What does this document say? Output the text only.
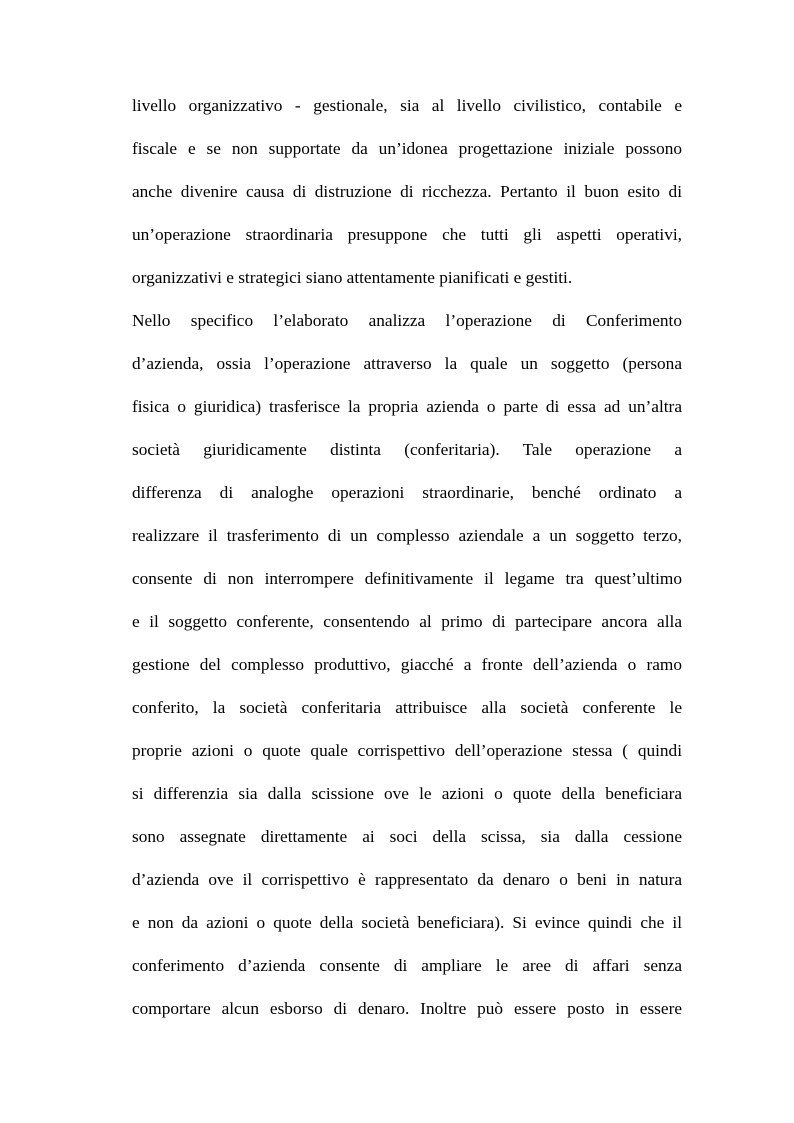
livello organizzativo - gestionale, sia al livello civilistico, contabile e
fiscale e se non supportate da un’idonea progettazione iniziale possono
anche divenire causa di distruzione di ricchezza. Pertanto il buon esito di
un’operazione straordinaria presuppone che tutti gli aspetti operativi,
organizzativi e strategici siano attentamente pianificati e gestiti.
Nello specifico l’elaborato analizza l’operazione di Conferimento
d’azienda, ossia l’operazione attraverso la quale un soggetto (persona
fisica o giuridica) trasferisce la propria azienda o parte di essa ad un’altra
società giuridicamente distinta (conferitaria). Tale operazione a
differenza di analoghe operazioni straordinarie, benché ordinato a
realizzare il trasferimento di un complesso aziendale a un soggetto terzo,
consente di non interrompere definitivamente il legame tra quest’ultimo
e il soggetto conferente, consentendo al primo di partecipare ancora alla
gestione del complesso produttivo, giacché a fronte dell’azienda o ramo
conferito, la società conferitaria attribuisce alla società conferente le
proprie azioni o quote quale corrispettivo dell’operazione stessa ( quindi
si differenzia sia dalla scissione ove le azioni o quote della beneficiara
sono assegnate direttamente ai soci della scissa, sia dalla cessione
d’azienda ove il corrispettivo è rappresentato da denaro o beni in natura
e non da azioni o quote della società beneficiara). Si evince quindi che il
conferimento d’azienda consente di ampliare le aree di affari senza
comportare alcun esborso di denaro. Inoltre può essere posto in essere
